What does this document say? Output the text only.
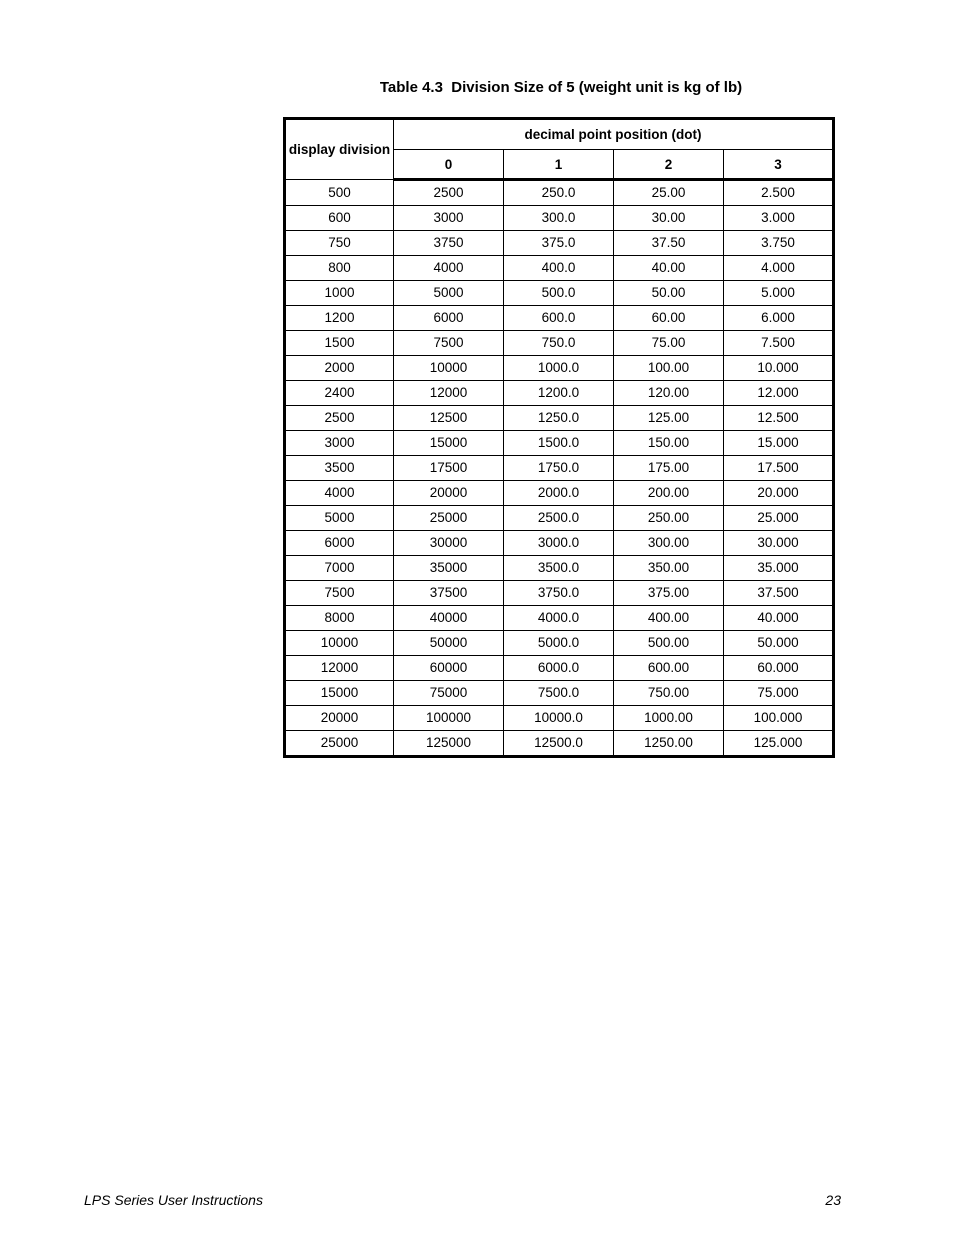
Table 4.3  Division Size of 5 (weight unit is kg of lb)
display division	decimal point position (dot)			
	0	1	2	3
500	2500	250.0	25.00	2.500
600	3000	300.0	30.00	3.000
750	3750	375.0	37.50	3.750
800	4000	400.0	40.00	4.000
1000	5000	500.0	50.00	5.000
1200	6000	600.0	60.00	6.000
1500	7500	750.0	75.00	7.500
2000	10000	1000.0	100.00	10.000
2400	12000	1200.0	120.00	12.000
2500	12500	1250.0	125.00	12.500
3000	15000	1500.0	150.00	15.000
3500	17500	1750.0	175.00	17.500
4000	20000	2000.0	200.00	20.000
5000	25000	2500.0	250.00	25.000
6000	30000	3000.0	300.00	30.000
7000	35000	3500.0	350.00	35.000
7500	37500	3750.0	375.00	37.500
8000	40000	4000.0	400.00	40.000
10000	50000	5000.0	500.00	50.000
12000	60000	6000.0	600.00	60.000
15000	75000	7500.0	750.00	75.000
20000	100000	10000.0	1000.00	100.000
25000	125000	12500.0	1250.00	125.000
LPS Series User Instructions	23
